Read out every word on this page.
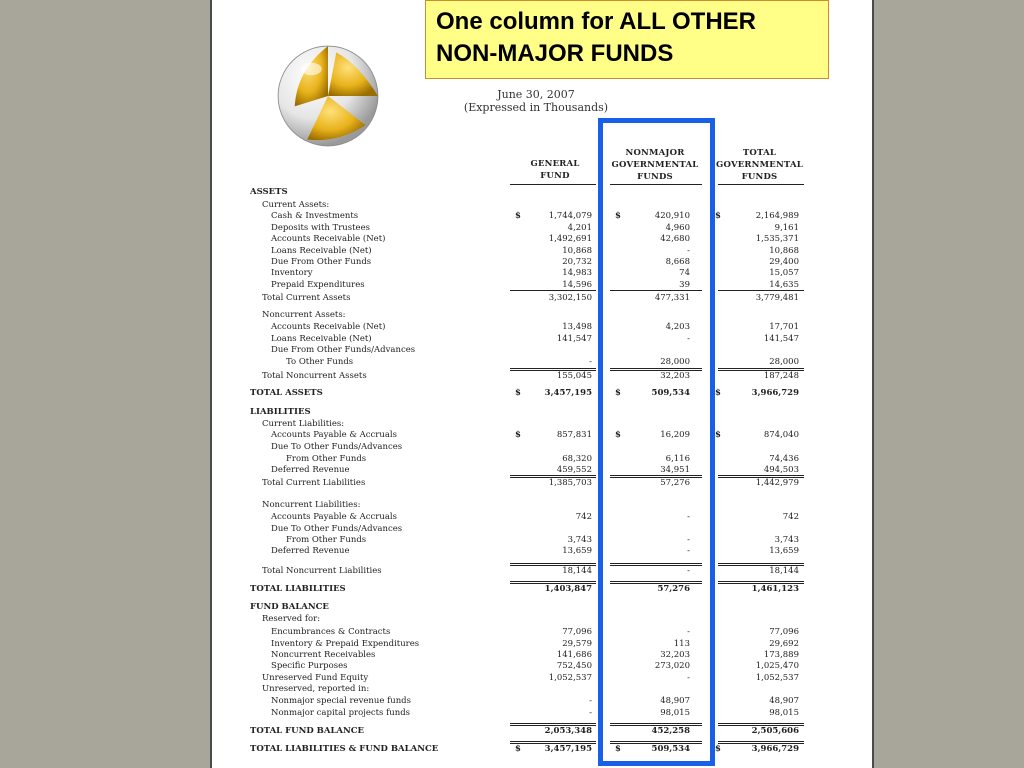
One column for ALL OTHER NON-MAJOR FUNDS
June 30, 2007
(Expressed in Thousands)
GENERAL
FUND
NONMAJOR
GOVERNMENTAL
FUNDS
TOTAL
GOVERNMENTAL
FUNDS
ASSETS
Current Assets:
Cash & Investments	$	1,744,079	$	420,910	$	2,164,989
Deposits with Trustees	4,201	4,960	9,161
Accounts Receivable (Net)	1,492,691	42,680	1,535,371
Loans Receivable (Net)	10,868	-	10,868
Due From Other Funds	20,732	8,668	29,400
Inventory	14,983	74	15,057
Prepaid Expenditures	14,596	39	14,635
Total Current Assets	3,302,150	477,331	3,779,481
Noncurrent Assets:
Accounts Receivable (Net)	13,498	4,203	17,701
Loans Receivable (Net)	141,547	-	141,547
Due From Other Funds/Advances
To Other Funds	-	28,000	28,000
Total Noncurrent Assets	155,045	32,203	187,248
TOTAL ASSETS	$	3,457,195	$	509,534	$	3,966,729
LIABILITIES
Current Liabilities:
Accounts Payable & Accruals	$	857,831	$	16,209	$	874,040
Due To Other Funds/Advances
From Other Funds	68,320	6,116	74,436
Deferred Revenue	459,552	34,951	494,503
Total Current Liabilities	1,385,703	57,276	1,442,979
Noncurrent Liabilities:
Accounts Payable & Accruals	742	-	742
Due To Other Funds/Advances
From Other Funds	3,743	-	3,743
Deferred Revenue	13,659	-	13,659
Total Noncurrent Liabilities	18,144	-	18,144
TOTAL LIABILITIES	1,403,847	57,276	1,461,123
FUND BALANCE
Reserved for:
Encumbrances & Contracts	77,096	-	77,096
Inventory & Prepaid Expenditures	29,579	113	29,692
Noncurrent Receivables	141,686	32,203	173,889
Specific Purposes	752,450	273,020	1,025,470
Unreserved Fund Equity	1,052,537	-	1,052,537
Unreserved, reported in:
Nonmajor special revenue funds	-	48,907	48,907
Nonmajor capital projects funds	-	98,015	98,015
TOTAL FUND BALANCE	2,053,348	452,258	2,505,606
TOTAL LIABILITIES & FUND BALANCE	$	3,457,195	$	509,534	$	3,966,729
